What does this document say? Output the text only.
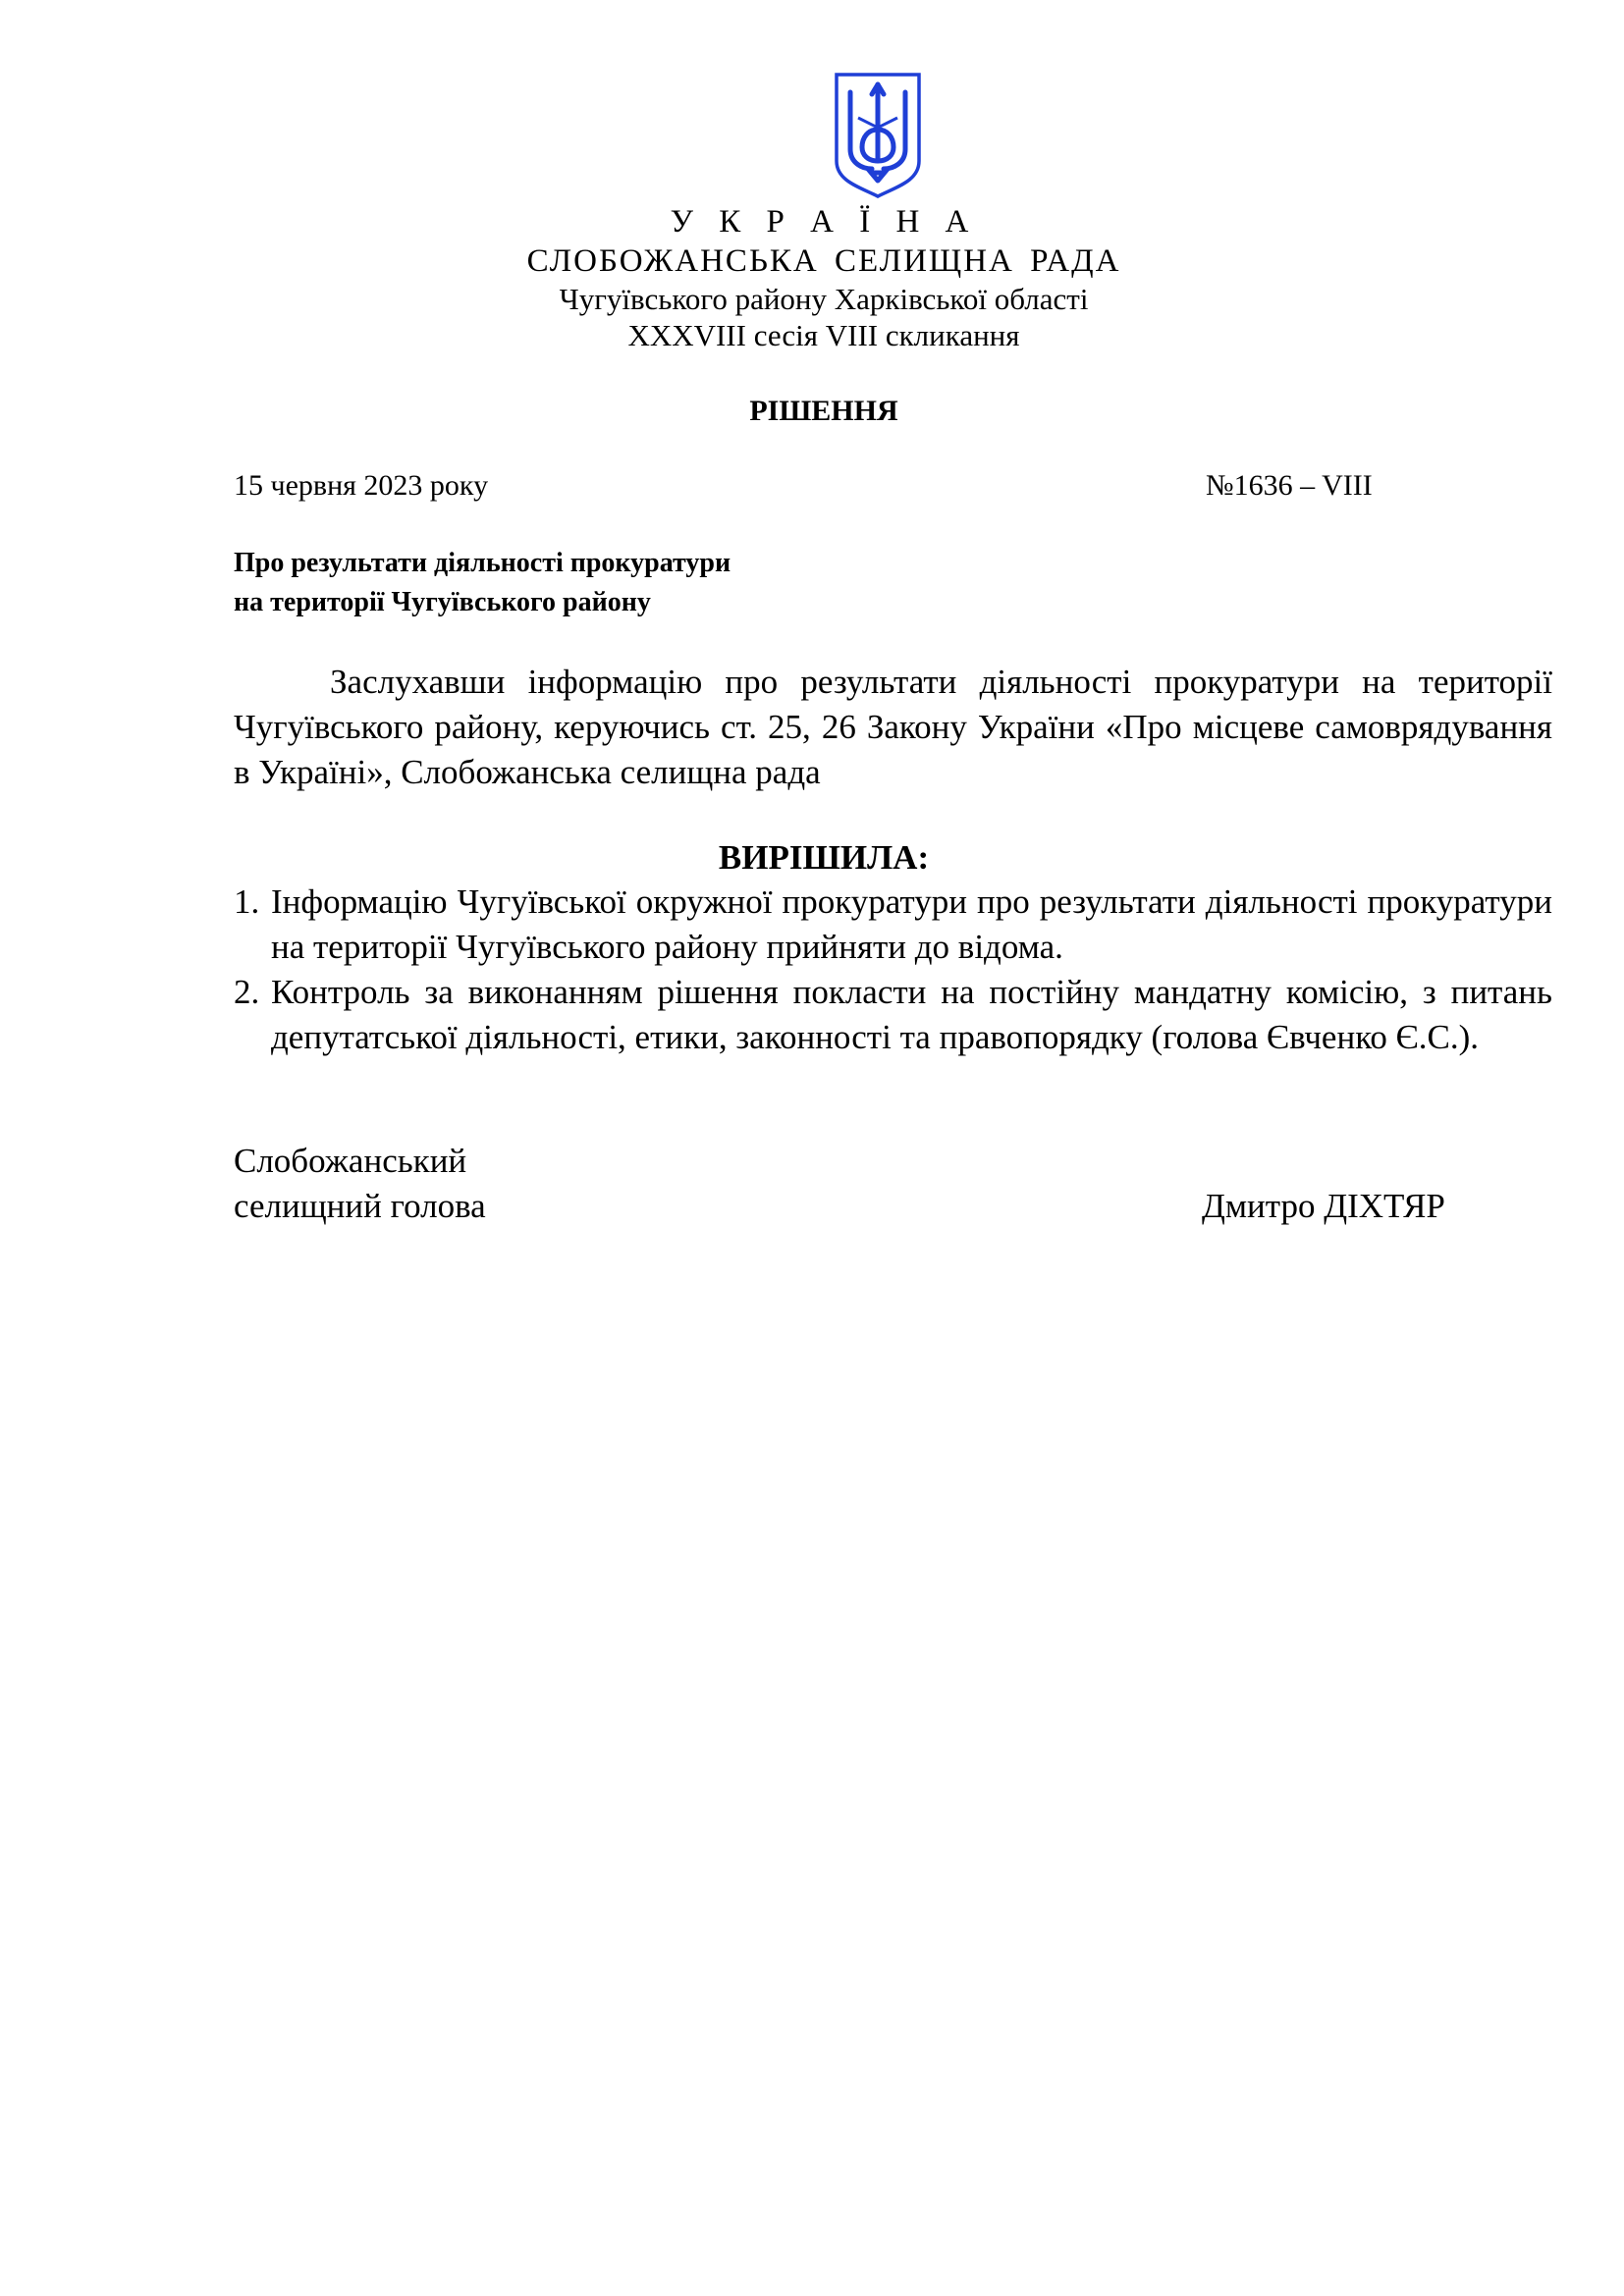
У К Р А Ї Н А
СЛОБОЖАНСЬКА СЕЛИЩНА РАДА
Чугуївського району Харківської області
XXXVIII сесія VIII скликання
РІШЕННЯ
15 червня 2023 року	№1636 – VIII
Про результати діяльності прокуратури
на території Чугуївського району

Заслухавши інформацію про результати діяльності прокуратури на території Чугуївського району, керуючись ст. 25, 26 Закону України «Про місцеве самоврядування в Україні», Слобожанська селищна рада

ВИРІШИЛА:
1. Інформацію Чугуївської окружної прокуратури про результати діяльності прокуратури на території Чугуївського району прийняти до відома.
2. Контроль за виконанням рішення покласти на постійну мандатну комісію, з питань депутатської діяльності, етики, законності та правопорядку (голова Євченко Є.С.).
Слобожанський
селищний голова	Дмитро ДІХТЯР
